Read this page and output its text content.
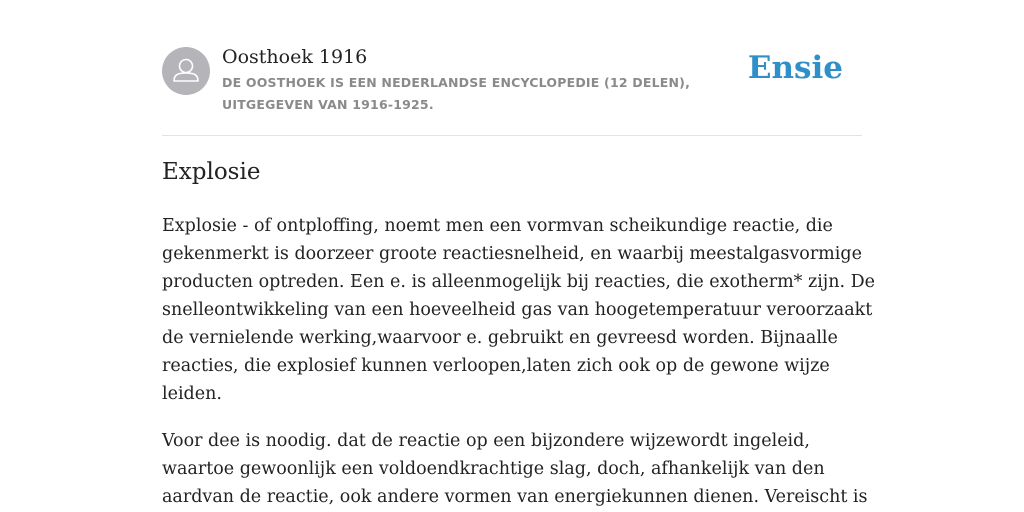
Oosthoek 1916
DE OOSTHOEK IS EEN NEDERLANDSE ENCYCLOPEDIE (12 DELEN), UITGEGEVEN VAN 1916-1925.
Ensie
Explosie

Explosie - of ontploffing, noemt men een vormvan scheikundige reactie, die
gekenmerkt is doorzeer groote reactiesnelheid, en waarbij meestalgasvormige
producten optreden. Een e. is alleenmogelijk bij reacties, die exotherm* zijn. De
snelleontwikkeling van een hoeveelheid gas van hoogetemperatuur veroorzaakt
de vernielende werking,waarvoor e. gebruikt en gevreesd worden. Bijnaalle
reacties, die explosief kunnen verloopen,laten zich ook op de gewone wijze
leiden.

Voor dee is noodig. dat de reactie op een bijzondere wijzewordt ingeleid,
waartoe gewoonlijk een voldoendkrachtige slag, doch, afhankelijk van den
aardvan de reactie, ook andere vormen van energiekunnen dienen. Vereischt is
